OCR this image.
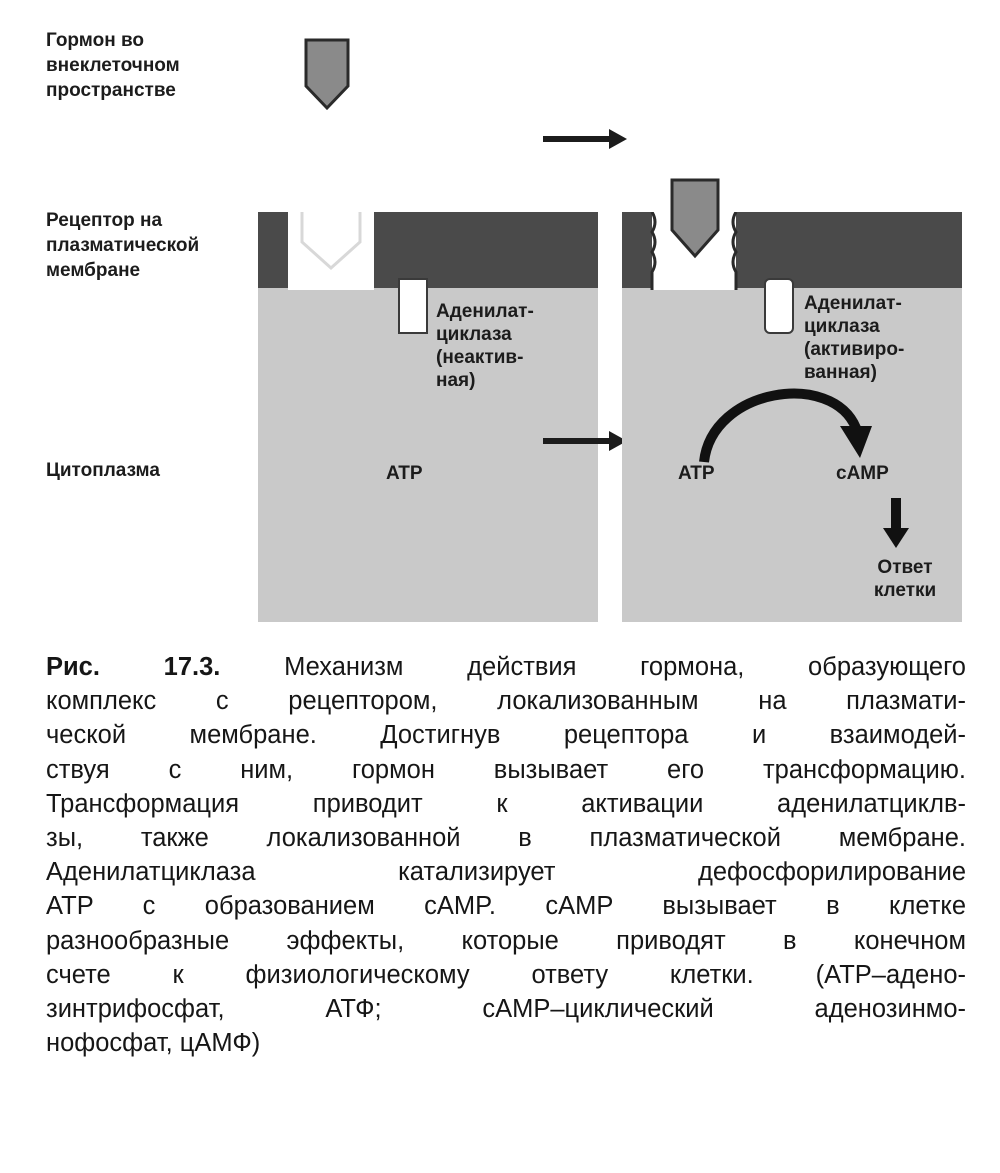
Гормон во
внеклеточном
пространстве
Рецептор на
плазматической
мембране
Цитоплазма
Аденилат-
циклаза
(неактив-
ная)
ATP
Аденилат-
циклаза
(активиро-
ванная)
ATP	cAMP
Ответ
клетки
Рис. 17.3. Механизм действия гормона, образующего
комплекс с рецептором, локализованным на плазмати-
ческой мембране. Достигнув рецептора и взаимодей-
ствуя с ним, гормон вызывает его трансформацию.
Трансформация приводит к активации аденилатциклв-
зы, также локализованной в плазматической мембране.
Аденилатциклаза катализирует дефосфорилирование
ATP с образованием cAMP. cAMP вызывает в клетке
разнообразные эффекты, которые приводят в конечном
счете к физиологическому ответу клетки. (ATP–адено-
зинтрифосфат, АТФ; cAMP–циклический аденозинмо-
нофосфат, цАМФ)
